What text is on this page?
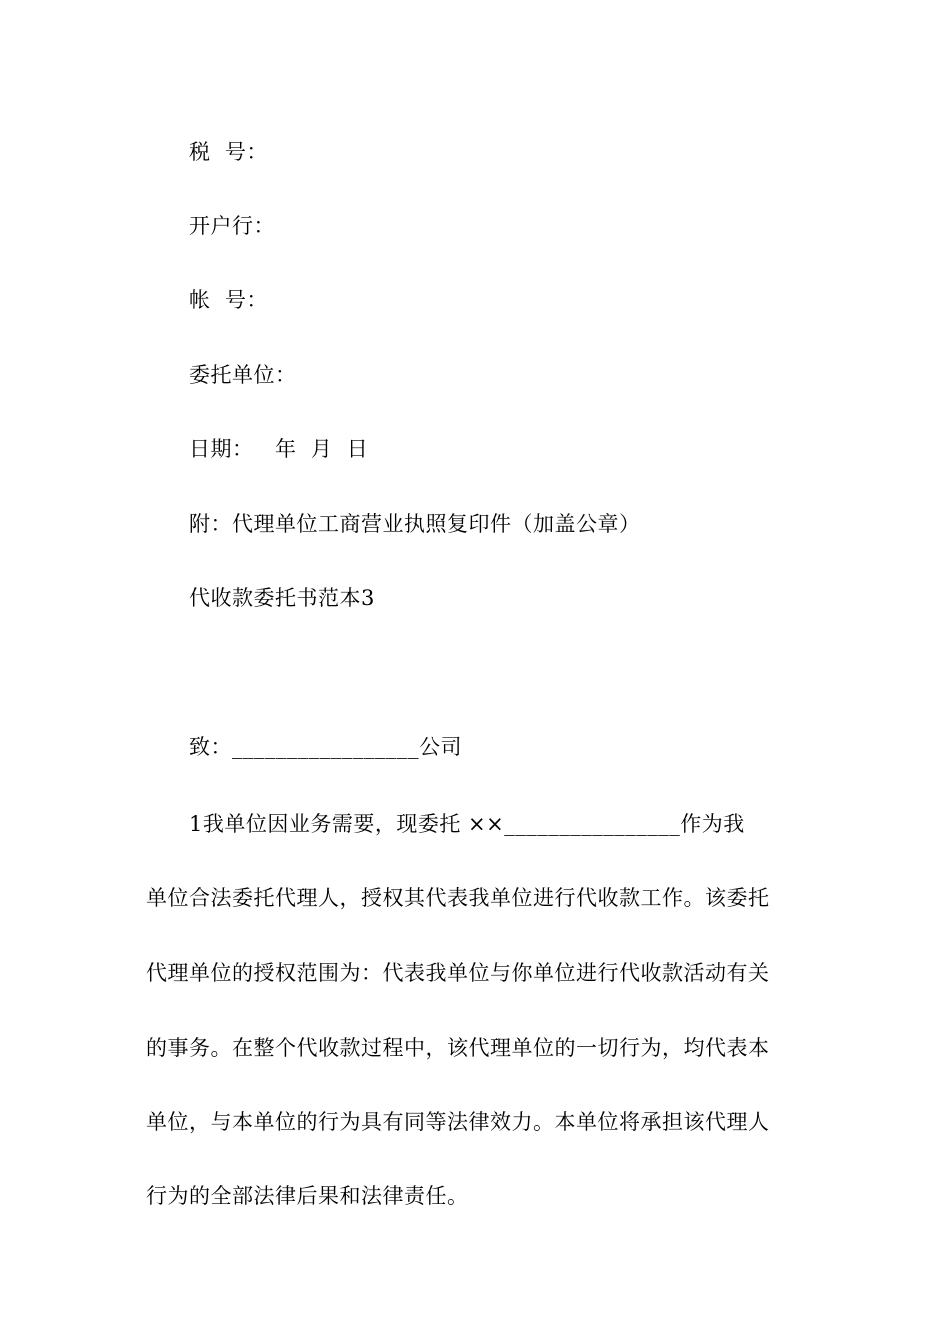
税  号：
开户行：
帐  号：
委托单位：
日期：   年  月  日
附：代理单位工商营业执照复印件（加盖公章）
代收款委托书范本3
致：_________________公司
1我单位因业务需要，现委托 ××________________作为我
单位合法委托代理人，授权其代表我单位进行代收款工作。该委托
代理单位的授权范围为：代表我单位与你单位进行代收款活动有关
的事务。在整个代收款过程中，该代理单位的一切行为，均代表本
单位，与本单位的行为具有同等法律效力。本单位将承担该代理人
行为的全部法律后果和法律责任。
